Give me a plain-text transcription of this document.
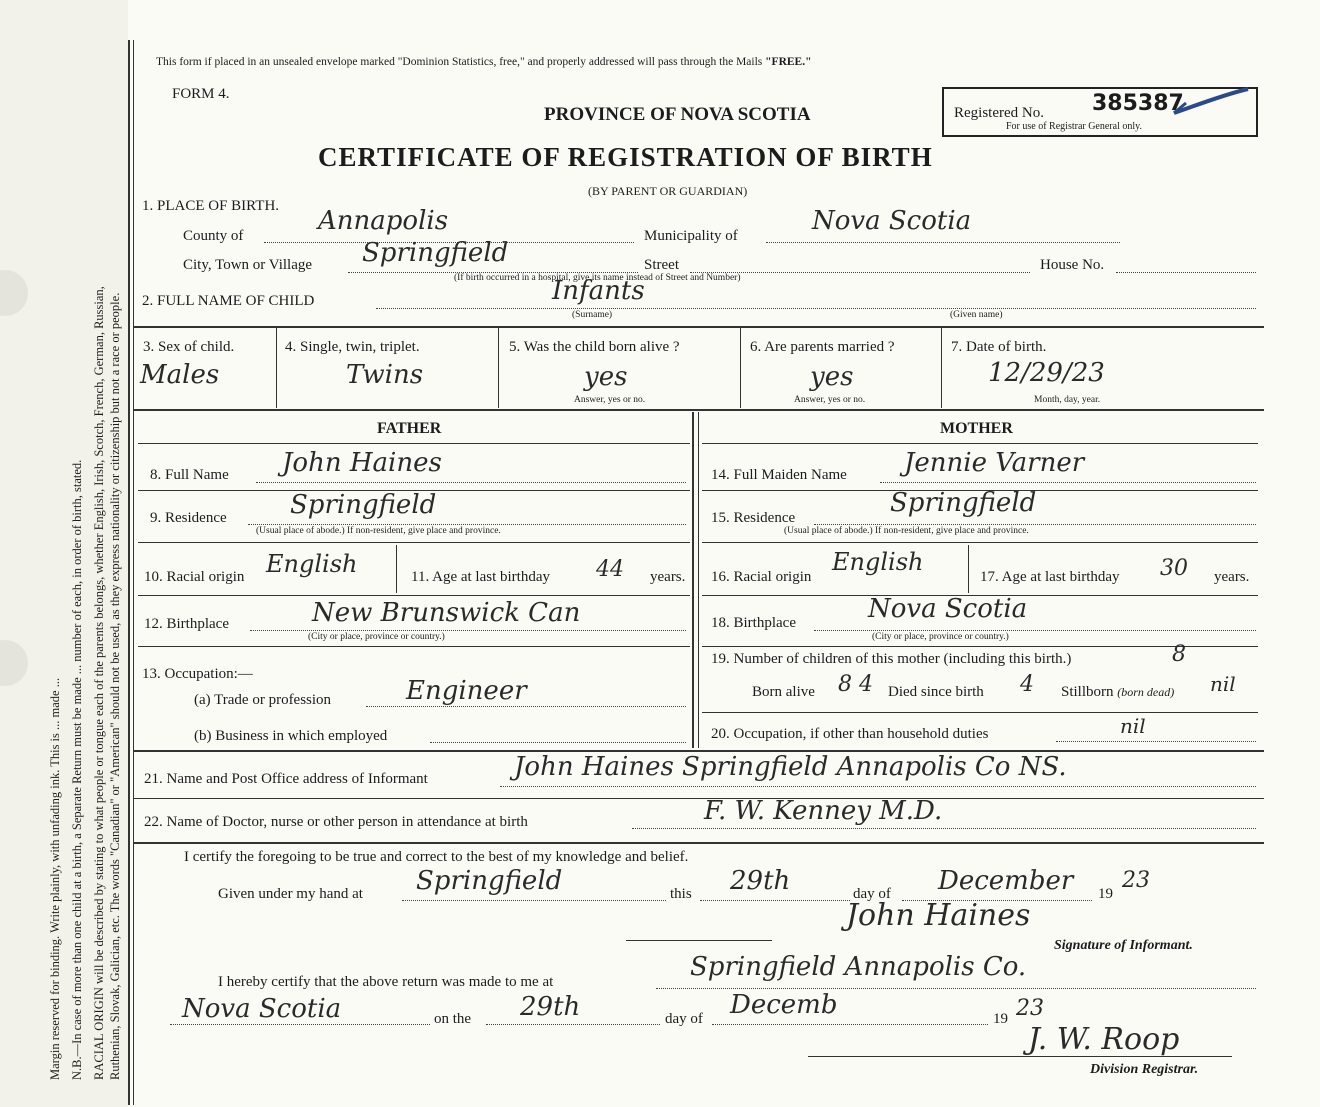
Margin reserved for binding. Write plainly, with unfading ink. This is ... made ... N.B.—In case of more than one child at a birth, a Separate Return must be made ... number of each, in order of birth, stated. RACIAL ORIGIN will be described by stating to what people or tongue each of the parents belongs, whether English, Irish, Scotch, French, German, Russian, Ruthenian, Slovak, Galician, etc. The words "Canadian" or "American" should not be used, as they express nationality or citizenship but not a race or people.
This form if placed in an unsealed envelope marked "Dominion Statistics, free," and properly addressed will pass through the Mails "FREE."
FORM 4.
PROVINCE OF NOVA SCOTIA	Registered No. 385387
For use of Registrar General only.
CERTIFICATE OF REGISTRATION OF BIRTH
(BY PARENT OR GUARDIAN)
1. PLACE OF BIRTH.
County of	Annapolis	Municipality of	Nova Scotia
City, Town or Village Springfield	Street	House No.
(If birth occurred in a hospital, give its name instead of Street and Number)
2. FULL NAME OF CHILD	Infants
(Surname)	(Given name)
3. Sex of child.
Males
4. Single, twin, triplet.
Twins
5. Was the child born alive ?
yes
Answer, yes or no.
6. Are parents married ?
yes
Answer, yes or no.
7. Date of birth.
12/29/23
Month, day, year.
FATHER	MOTHER
8. Full Name John Haines
9. Residence Springfield
(Usual place of abode.) If non-resident, give place and province.
10. Racial origin English	11. Age at last birthday 44 years.
12. Birthplace	New Brunswick Can
(City or place, province or country.)
13. Occupation:—
(a) Trade or profession	Engineer
(b) Business in which employed
14. Full Maiden Name Jennie Varner
15. Residence	Springfield
(Usual place of abode.) If non-resident, give place and province.
16. Racial origin
English
17. Age at last birthday 30 years.
18. Birthplace	Nova Scotia
(City or place, province or country.)
19. Number of children of this mother (including this birth.)	8
Born alive 8 4 Died since birth 4 Stillborn (born dead) nil
20. Occupation, if other than household duties	nil
21. Name and Post Office address of Informant	John Haines Springfield Annapolis Co NS.
22. Name of Doctor, nurse or other person in attendance at birth	F. W. Kenney M.D.
I certify the foregoing to be true and correct to the best of my knowledge and belief.
Given under my hand at Springfield	this 29th	day of December 19
23
John Haines
Signature of Informant.
I hereby certify that the above return was made to me at	Springfield Annapolis Co.
Nova Scotia	on the 29th	day of Decemb	19 23
J. W. Roop
Division Registrar.
